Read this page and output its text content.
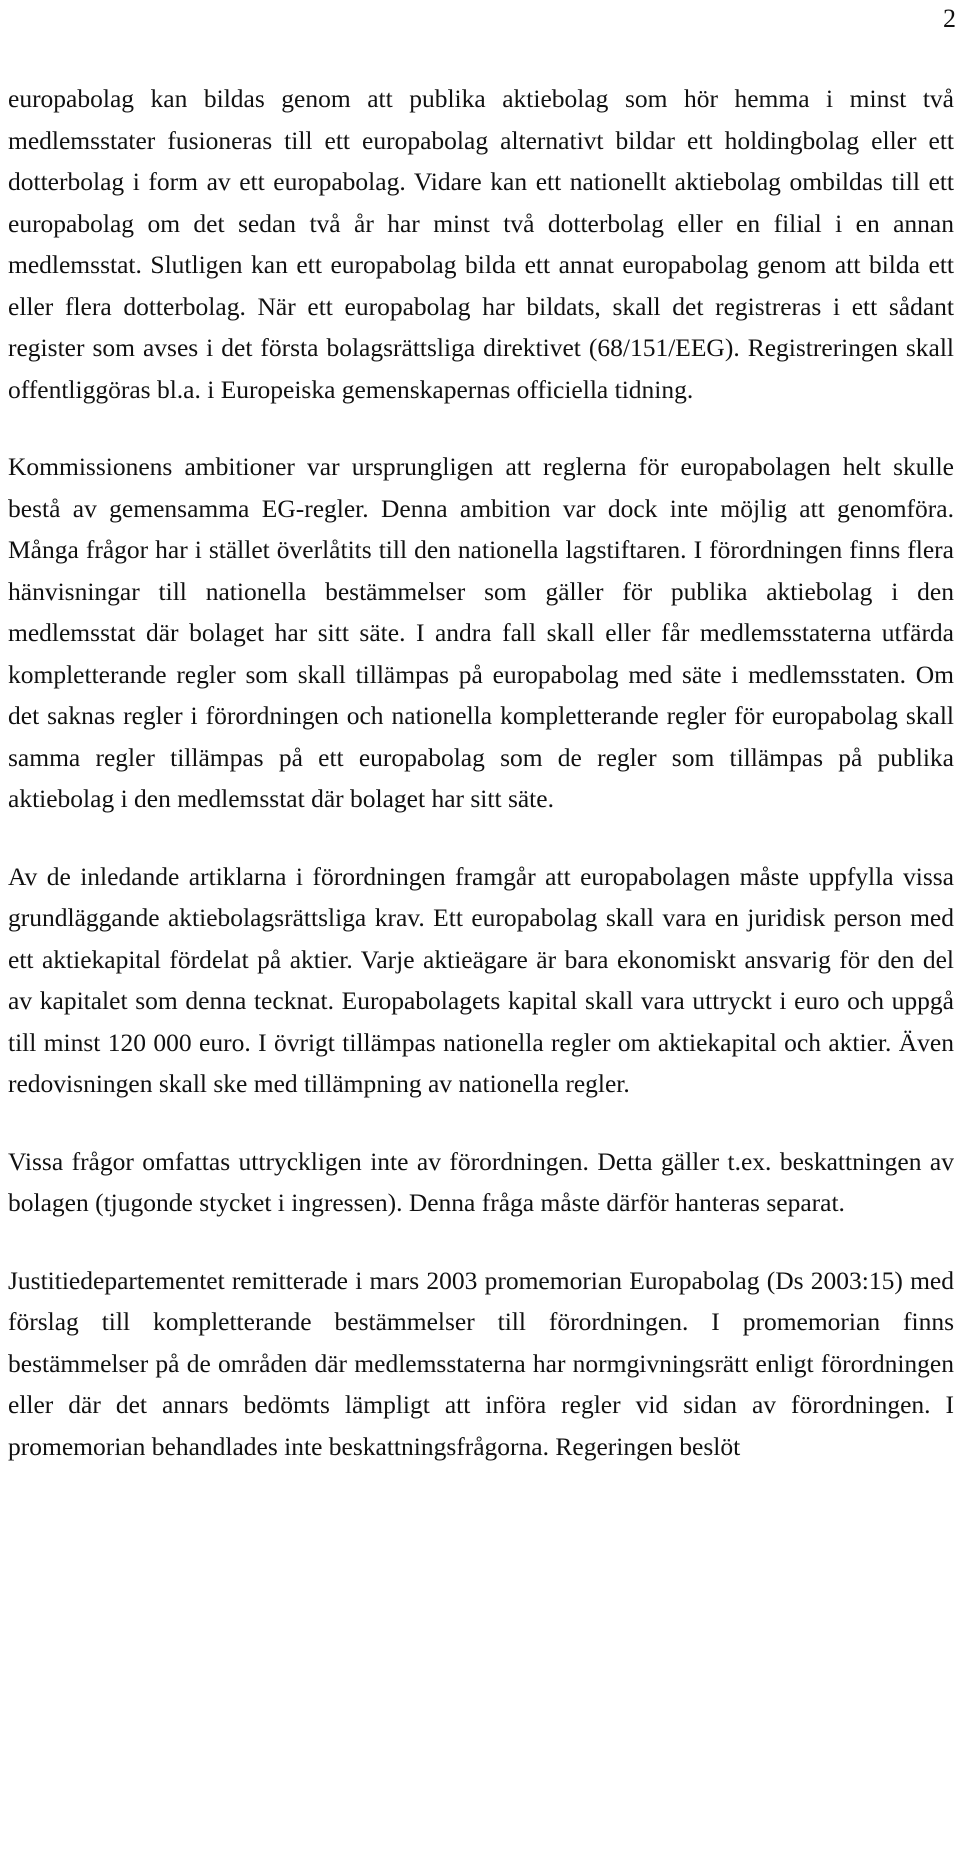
2

europabolag kan bildas genom att publika aktiebolag som hör hemma i minst två medlemsstater fusioneras till ett europabolag alternativt bildar ett holdingbolag eller ett dotterbolag i form av ett europabolag. Vidare kan ett nationellt aktiebolag ombildas till ett europabolag om det sedan två år har minst två dotterbolag eller en filial i en annan medlemsstat. Slutligen kan ett europabolag bilda ett annat europabolag genom att bilda ett eller flera dotterbolag. När ett europabolag har bildats, skall det registreras i ett sådant register som avses i det första bolagsrättsliga direktivet (68/151/EEG). Registreringen skall offentliggöras bl.a. i Europeiska gemenskapernas officiella tidning.

Kommissionens ambitioner var ursprungligen att reglerna för europabolagen helt skulle bestå av gemensamma EG-regler. Denna ambition var dock inte möjlig att genomföra. Många frågor har i stället överlåtits till den nationella lagstiftaren. I förordningen finns flera hänvisningar till nationella bestämmelser som gäller för publika aktiebolag i den medlemsstat där bolaget har sitt säte. I andra fall skall eller får medlemsstaterna utfärda kompletterande regler som skall tillämpas på europabolag med säte i medlemsstaten. Om det saknas regler i förordningen och nationella kompletterande regler för europabolag skall samma regler tillämpas på ett europabolag som de regler som tillämpas på publika aktiebolag i den medlemsstat där bolaget har sitt säte.

Av de inledande artiklarna i förordningen framgår att europabolagen måste uppfylla vissa grundläggande aktiebolagsrättsliga krav. Ett europabolag skall vara en juridisk person med ett aktiekapital fördelat på aktier. Varje aktieägare är bara ekonomiskt ansvarig för den del av kapitalet som denna tecknat. Europabolagets kapital skall vara uttryckt i euro och uppgå till minst 120 000 euro. I övrigt tillämpas nationella regler om aktiekapital och aktier. Även redovisningen skall ske med tillämpning av nationella regler.

Vissa frågor omfattas uttryckligen inte av förordningen. Detta gäller t.ex. beskattningen av bolagen (tjugonde stycket i ingressen). Denna fråga måste därför hanteras separat.

Justitiedepartementet remitterade i mars 2003 promemorian Europabolag (Ds 2003:15) med förslag till kompletterande bestämmelser till förordningen. I promemorian finns bestämmelser på de områden där medlemsstaterna har normgivningsrätt enligt förordningen eller där det annars bedömts lämpligt att införa regler vid sidan av förordningen. I promemorian behandlades inte beskattningsfrågorna. Regeringen beslöt
